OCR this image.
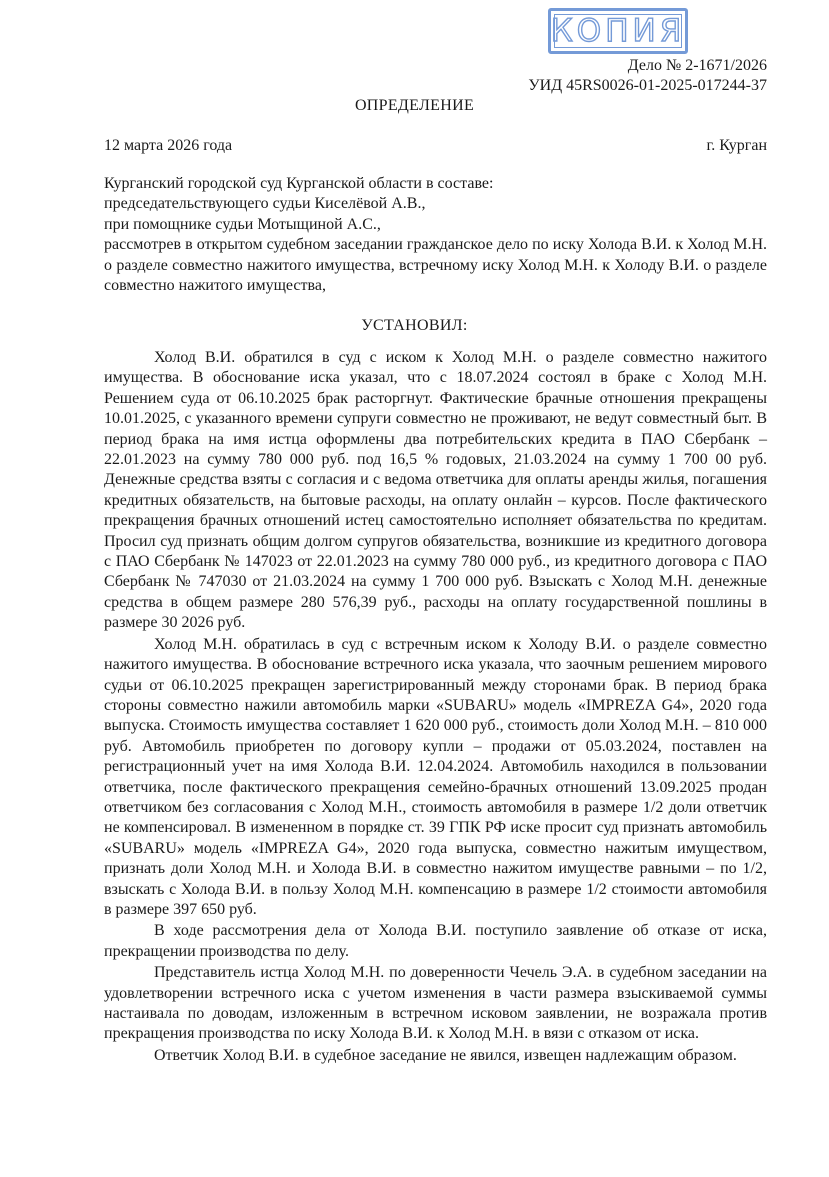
КОПИЯ
Дело № 2-1671/2026
УИД 45RS0026-01-2025-017244-37
ОПРЕДЕЛЕНИЕ
12 марта 2026 года	г. Курган

Курганский городской суд Курганской области в составе:

председательствующего судьи Киселёвой А.В.,

при помощнике судьи Мотыщиной А.С.,

рассмотрев в открытом судебном заседании гражданское дело по иску Холода В.И. к Холод М.Н. о разделе совместно нажитого имущества, встречному иску Холод М.Н. к Холоду В.И. о разделе совместно нажитого имущества,

УСТАНОВИЛ:

Холод В.И. обратился в суд с иском к Холод М.Н. о разделе совместно нажитого имущества. В обоснование иска указал, что с 18.07.2024 состоял в браке с Холод М.Н. Решением суда от 06.10.2025 брак расторгнут. Фактические брачные отношения прекращены 10.01.2025, с указанного времени супруги совместно не проживают, не ведут совместный быт. В период брака на имя истца оформлены два потребительских кредита в ПАО Сбербанк – 22.01.2023 на сумму 780 000 руб. под 16,5 % годовых, 21.03.2024 на сумму 1 700 00 руб. Денежные средства взяты с согласия и с ведома ответчика для оплаты аренды жилья, погашения кредитных обязательств, на бытовые расходы, на оплату онлайн – курсов. После фактического прекращения брачных отношений истец самостоятельно исполняет обязательства по кредитам. Просил суд признать общим долгом супругов обязательства, возникшие из кредитного договора с ПАО Сбербанк № 147023 от 22.01.2023 на сумму 780 000 руб., из кредитного договора с ПАО Сбербанк № 747030 от 21.03.2024 на сумму 1 700 000 руб. Взыскать с Холод М.Н. денежные средства в общем размере 280 576,39 руб., расходы на оплату государственной пошлины в размере 30 2026 руб.

Холод М.Н. обратилась в суд с встречным иском к Холоду В.И. о разделе совместно нажитого имущества. В обоснование встречного иска указала, что заочным решением мирового судьи от 06.10.2025 прекращен зарегистрированный между сторонами брак. В период брака стороны совместно нажили автомобиль марки «SUBARU» модель «IMPREZA G4», 2020 года выпуска. Стоимость имущества составляет 1 620 000 руб., стоимость доли Холод М.Н. – 810 000 руб. Автомобиль приобретен по договору купли – продажи от 05.03.2024, поставлен на регистрационный учет на имя Холода В.И. 12.04.2024. Автомобиль находился в пользовании ответчика, после фактического прекращения семейно-брачных отношений 13.09.2025 продан ответчиком без согласования с Холод М.Н., стоимость автомобиля в размере 1/2 доли ответчик не компенсировал. В измененном в порядке ст. 39 ГПК РФ иске просит суд признать автомобиль «SUBARU» модель «IMPREZA G4», 2020 года выпуска, совместно нажитым имуществом, признать доли Холод М.Н. и Холода В.И. в совместно нажитом имуществе равными – по 1/2, взыскать с Холода В.И. в пользу Холод М.Н. компенсацию в размере 1/2 стоимости автомобиля в размере 397 650 руб.

В ходе рассмотрения дела от Холода В.И. поступило заявление об отказе от иска, прекращении производства по делу.

Представитель истца Холод М.Н. по доверенности Чечель Э.А. в судебном заседании на удовлетворении встречного иска с учетом изменения в части размера взыскиваемой суммы настаивала по доводам, изложенным в встречном исковом заявлении, не возражала против прекращения производства по иску Холода В.И. к Холод М.Н. в вязи с отказом от иска.

Ответчик Холод В.И. в судебное заседание не явился, извещен надлежащим образом.
